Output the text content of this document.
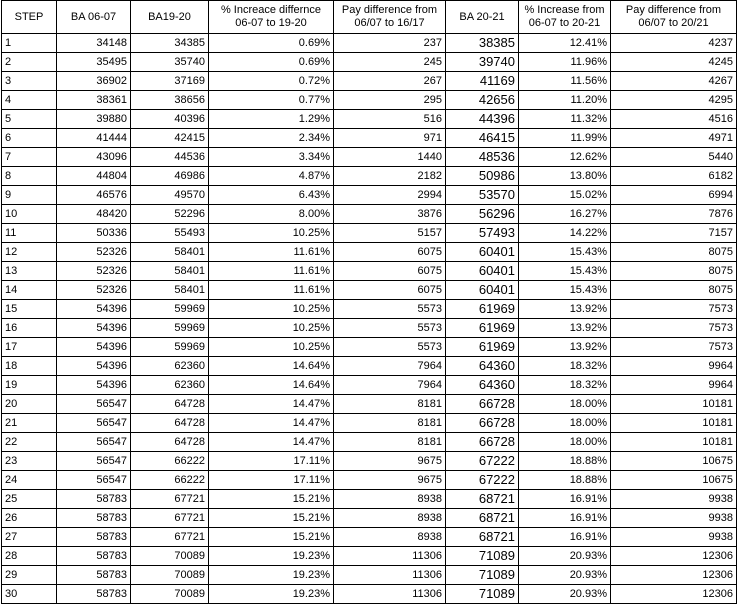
STEP	BA 06-07	BA19-20	% Increace differnce 06-07 to 19-20	Pay difference from 06/07 to 16/17	BA 20-21	% Increase from 06-07 to 20-21	Pay difference from 06/07 to 20/21
1	34148	34385	0.69%	237	38385	12.41%	4237
2	35495	35740	0.69%	245	39740	11.96%	4245
3	36902	37169	0.72%	267	41169	11.56%	4267
4	38361	38656	0.77%	295	42656	11.20%	4295
5	39880	40396	1.29%	516	44396	11.32%	4516
6	41444	42415	2.34%	971	46415	11.99%	4971
7	43096	44536	3.34%	1440	48536	12.62%	5440
8	44804	46986	4.87%	2182	50986	13.80%	6182
9	46576	49570	6.43%	2994	53570	15.02%	6994
10	48420	52296	8.00%	3876	56296	16.27%	7876
11	50336	55493	10.25%	5157	57493	14.22%	7157
12	52326	58401	11.61%	6075	60401	15.43%	8075
13	52326	58401	11.61%	6075	60401	15.43%	8075
14	52326	58401	11.61%	6075	60401	15.43%	8075
15	54396	59969	10.25%	5573	61969	13.92%	7573
16	54396	59969	10.25%	5573	61969	13.92%	7573
17	54396	59969	10.25%	5573	61969	13.92%	7573
18	54396	62360	14.64%	7964	64360	18.32%	9964
19	54396	62360	14.64%	7964	64360	18.32%	9964
20	56547	64728	14.47%	8181	66728	18.00%	10181
21	56547	64728	14.47%	8181	66728	18.00%	10181
22	56547	64728	14.47%	8181	66728	18.00%	10181
23	56547	66222	17.11%	9675	67222	18.88%	10675
24	56547	66222	17.11%	9675	67222	18.88%	10675
25	58783	67721	15.21%	8938	68721	16.91%	9938
26	58783	67721	15.21%	8938	68721	16.91%	9938
27	58783	67721	15.21%	8938	68721	16.91%	9938
28	58783	70089	19.23%	11306	71089	20.93%	12306
29	58783	70089	19.23%	11306	71089	20.93%	12306
30	58783	70089	19.23%	11306	71089	20.93%	12306
